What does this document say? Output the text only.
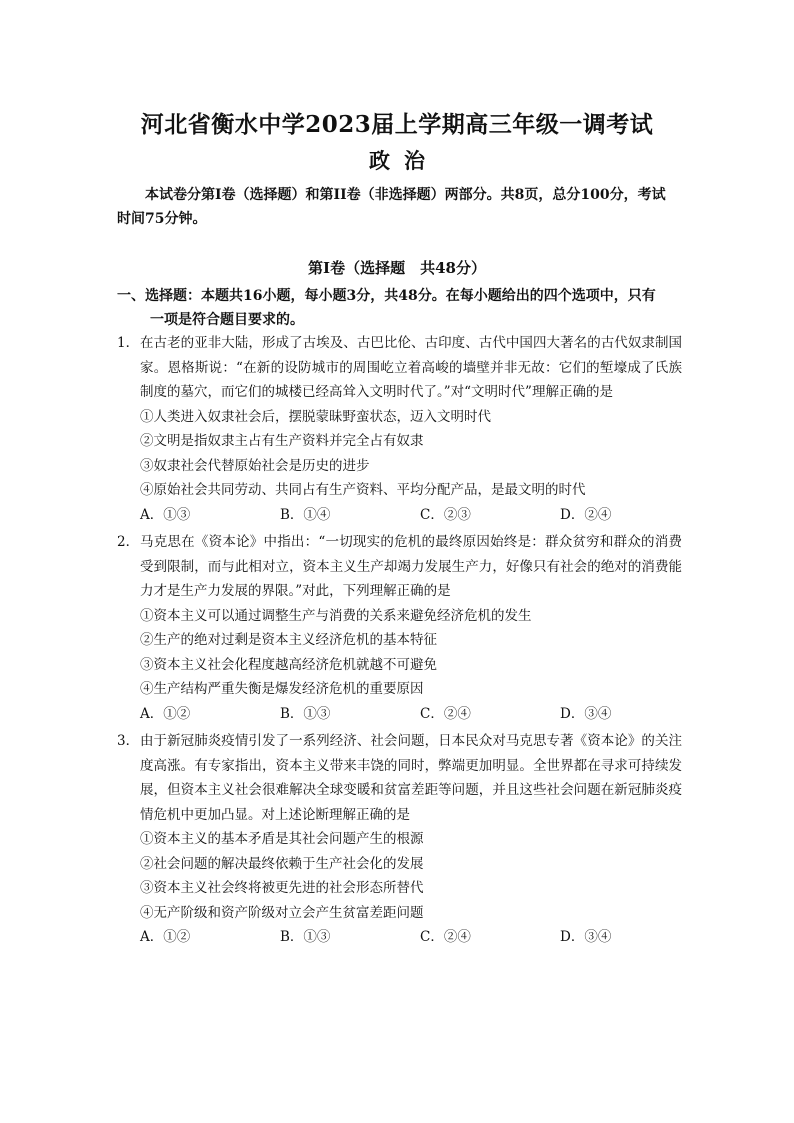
河北省衡水中学2023届上学期高三年级一调考试
政治
本试卷分第I卷（选择题）和第II卷（非选择题）两部分。共8页，总分100分，考试时间75分钟。
第I卷（选择题　共48分）
一、选择题：本题共16小题，每小题3分，共48分。在每小题给出的四个选项中，只有
一项是符合题目要求的。
1． 在古老的亚非大陆，形成了古埃及、古巴比伦、古印度、古代中国四大著名的古代奴隶制国家。恩格斯说：“在新的设防城市的周围屹立着高峻的墙壁并非无故：它们的堑壕成了氏族制度的墓穴，而它们的城楼已经高耸入文明时代了。”对“文明时代”理解正确的是
①人类进入奴隶社会后，摆脱蒙昧野蛮状态，迈入文明时代
②文明是指奴隶主占有生产资料并完全占有奴隶
③奴隶社会代替原始社会是历史的进步
④原始社会共同劳动、共同占有生产资料、平均分配产品，是最文明的时代
A．①③	B．①④	C．②③	D．②④
2． 马克思在《资本论》中指出：“一切现实的危机的最终原因始终是：群众贫穷和群众的消费受到限制，而与此相对立，资本主义生产却竭力发展生产力，好像只有社会的绝对的消费能力才是生产力发展的界限。”对此，下列理解正确的是
①资本主义可以通过调整生产与消费的关系来避免经济危机的发生
②生产的绝对过剩是资本主义经济危机的基本特征
③资本主义社会化程度越高经济危机就越不可避免
④生产结构严重失衡是爆发经济危机的重要原因
A．①②	B．①③	C．②④	D．③④
3． 由于新冠肺炎疫情引发了一系列经济、社会问题，日本民众对马克思专著《资本论》的关注度高涨。有专家指出，资本主义带来丰饶的同时，弊端更加明显。全世界都在寻求可持续发展，但资本主义社会很难解决全球变暖和贫富差距等问题，并且这些社会问题在新冠肺炎疫情危机中更加凸显。对上述论断理解正确的是
①资本主义的基本矛盾是其社会问题产生的根源
②社会问题的解决最终依赖于生产社会化的发展
③资本主义社会终将被更先进的社会形态所替代
④无产阶级和资产阶级对立会产生贫富差距问题
A．①②	B．①③	C．②④	D．③④
